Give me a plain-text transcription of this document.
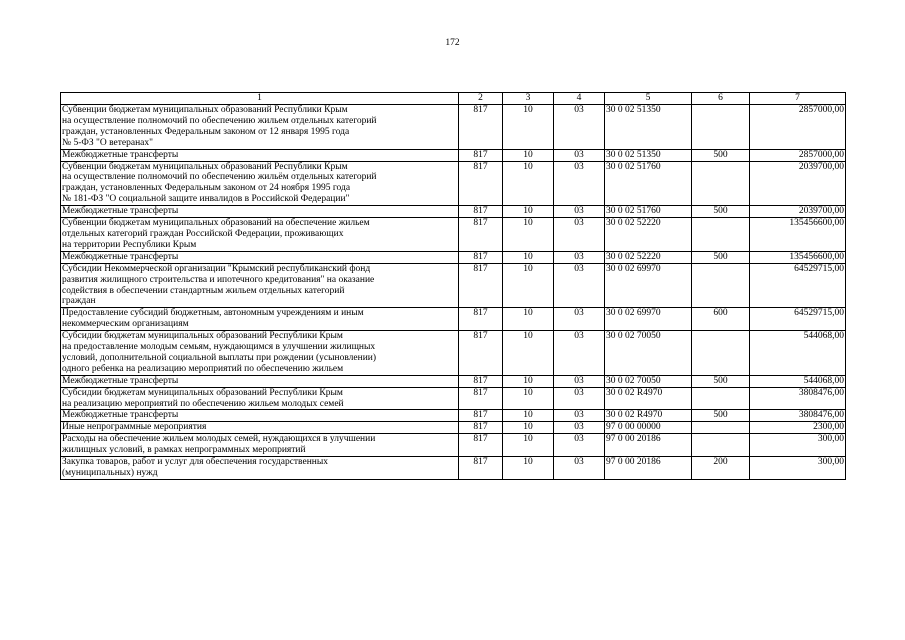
172
1	2	3	4	5	6	7
Субвенции бюджетам муниципальных образований Республики Крым
на осуществление полномочий по обеспечению жильем отдельных категорий
граждан, установленных Федеральным законом от 12 января 1995 года
№ 5-ФЗ "О ветеранах"	817	10	03	30 0 02 51350		2857000,00
Межбюджетные трансферты	817	10	03	30 0 02 51350	500	2857000,00
Субвенции бюджетам муниципальных образований Республики Крым
на осуществление полномочий по обеспечению жильём отдельных категорий
граждан, установленных Федеральным законом от 24 ноября 1995 года
№ 181-ФЗ "О социальной защите инвалидов в Российской Федерации"	817	10	03	30 0 02 51760		2039700,00
Межбюджетные трансферты	817	10	03	30 0 02 51760	500	2039700,00
Субвенции бюджетам муниципальных образований на обеспечение жильем
отдельных категорий граждан Российской Федерации, проживающих
на территории Республики Крым	817	10	03	30 0 02 52220		135456600,00
Межбюджетные трансферты	817	10	03	30 0 02 52220	500	135456600,00
Субсидии Некоммерческой организации "Крымский республиканский фонд
развития жилищного строительства и ипотечного кредитования" на оказание
содействия в обеспечении стандартным жильем отдельных категорий
граждан	817	10	03	30 0 02 69970		64529715,00
Предоставление субсидий бюджетным, автономным учреждениям и иным
некоммерческим организациям	817	10	03	30 0 02 69970	600	64529715,00
Субсидии бюджетам муниципальных образований Республики Крым
на предоставление молодым семьям, нуждающимся в улучшении жилищных
условий, дополнительной социальной выплаты при рождении (усыновлении)
одного ребенка на реализацию мероприятий по обеспечению жильем	817	10	03	30 0 02 70050		544068,00
Межбюджетные трансферты	817	10	03	30 0 02 70050	500	544068,00
Субсидии бюджетам муниципальных образований Республики Крым
на реализацию мероприятий по обеспечению жильем молодых семей	817	10	03	30 0 02 R4970		3808476,00
Межбюджетные трансферты	817	10	03	30 0 02 R4970	500	3808476,00
Иные непрограммные мероприятия	817	10	03	97 0 00 00000		2300,00
Расходы на обеспечение жильем молодых семей, нуждающихся в улучшении
жилищных условий, в рамках непрограммных мероприятий	817	10	03	97 0 00 20186		300,00
Закупка товаров, работ и услуг для обеспечения государственных
(муниципальных) нужд	817	10	03	97 0 00 20186	200	300,00
